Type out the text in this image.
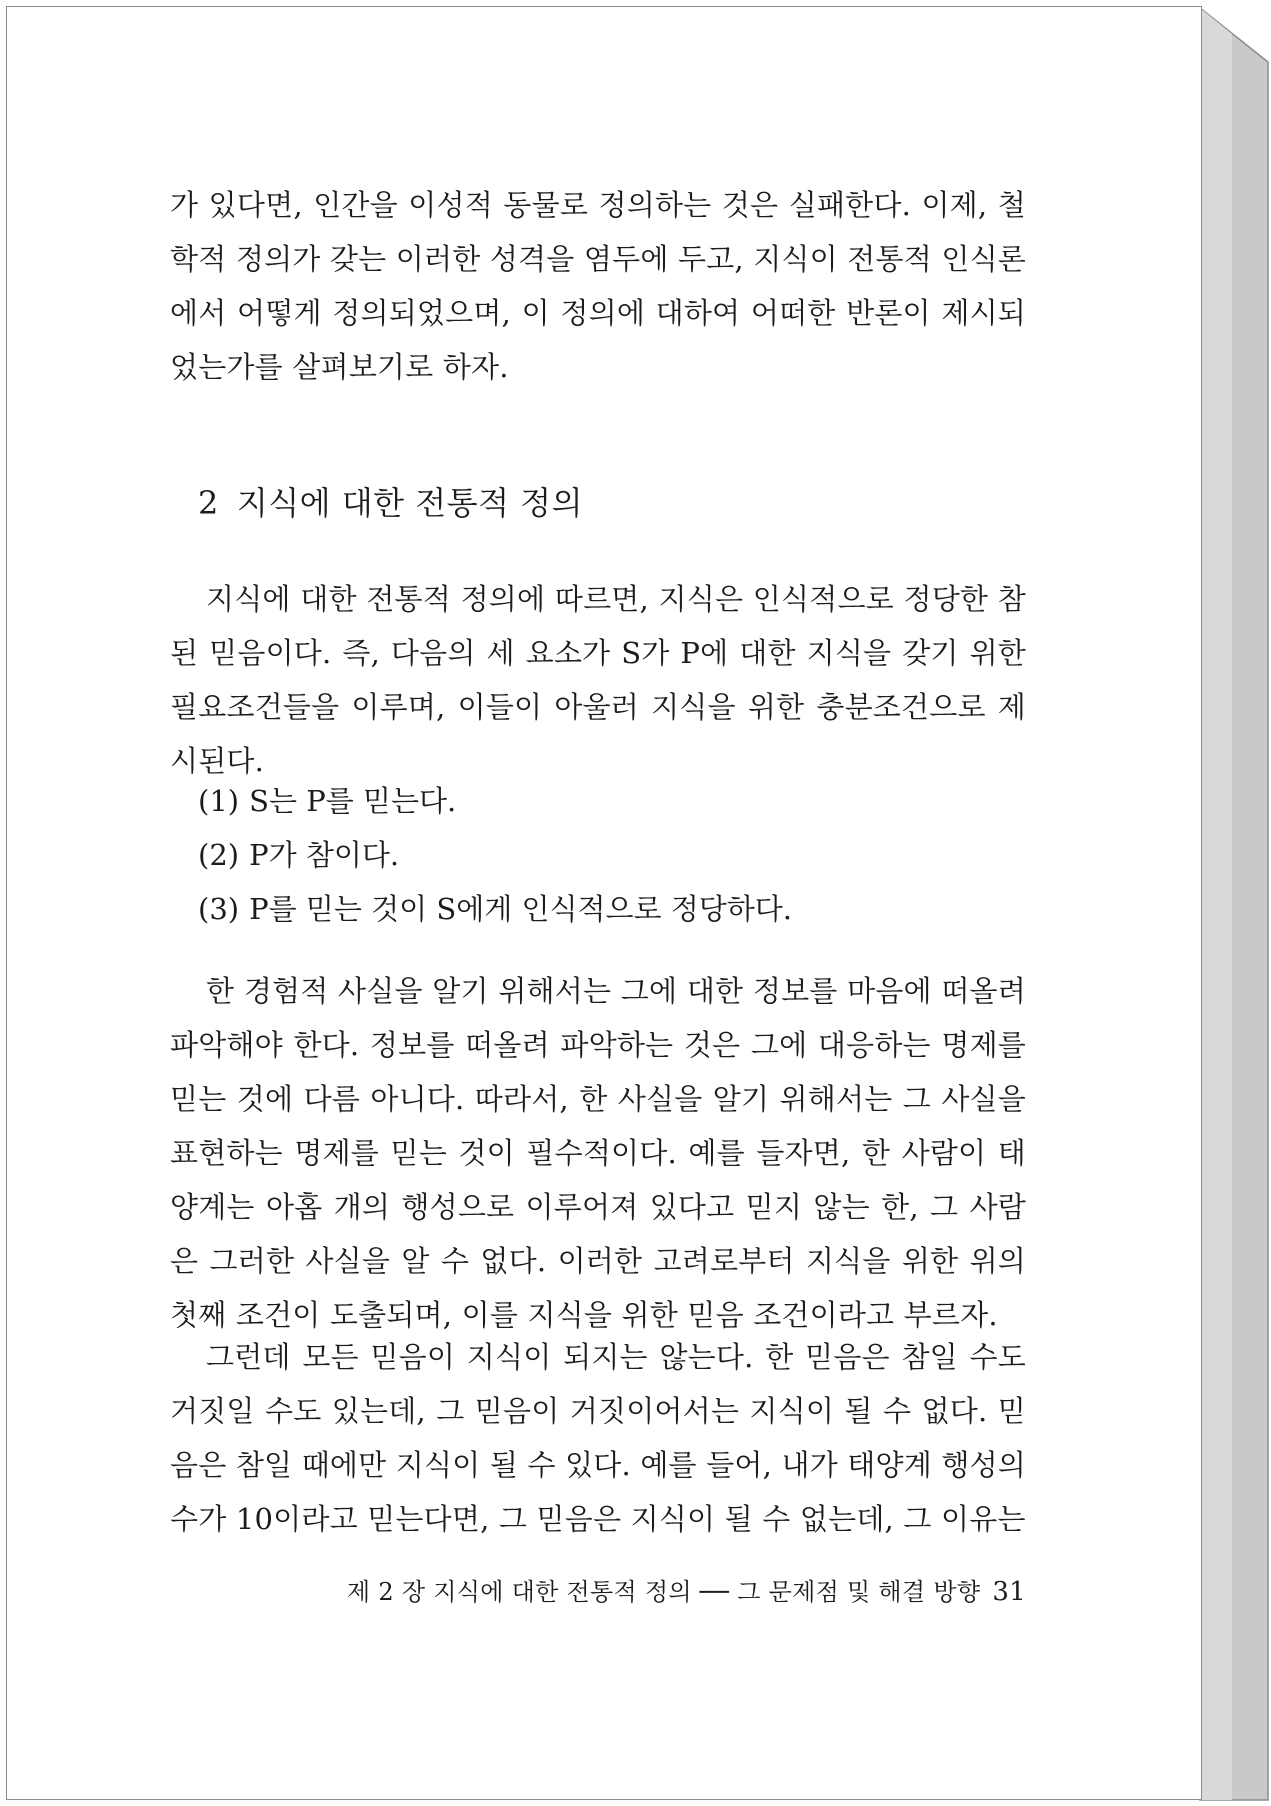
가 있다면, 인간을 이성적 동물로 정의하는 것은 실패한다. 이제, 철학적 정의가 갖는 이러한 성격을 염두에 두고, 지식이 전통적 인식론에서 어떻게 정의되었으며, 이 정의에 대하여 어떠한 반론이 제시되었는가를 살펴보기로 하자.

2 지식에 대한 전통적 정의

지식에 대한 전통적 정의에 따르면, 지식은 인식적으로 정당한 참된 믿음이다. 즉, 다음의 세 요소가 S가 P에 대한 지식을 갖기 위한 필요조건들을 이루며, 이들이 아울러 지식을 위한 충분조건으로 제시된다.

(1) S는 P를 믿는다.
(2) P가 참이다.
(3) P를 믿는 것이 S에게 인식적으로 정당하다.

한 경험적 사실을 알기 위해서는 그에 대한 정보를 마음에 떠올려 파악해야 한다. 정보를 떠올려 파악하는 것은 그에 대응하는 명제를 믿는 것에 다름 아니다. 따라서, 한 사실을 알기 위해서는 그 사실을 표현하는 명제를 믿는 것이 필수적이다. 예를 들자면, 한 사람이 태양계는 아홉 개의 행성으로 이루어져 있다고 믿지 않는 한, 그 사람은 그러한 사실을 알 수 없다. 이러한 고려로부터 지식을 위한 위의 첫째 조건이 도출되며, 이를 지식을 위한 믿음 조건이라고 부르자.

그런데 모든 믿음이 지식이 되지는 않는다. 한 믿음은 참일 수도 거짓일 수도 있는데, 그 믿음이 거짓이어서는 지식이 될 수 없다. 믿음은 참일 때에만 지식이 될 수 있다. 예를 들어, 내가 태양계 행성의 수가 10이라고 믿는다면, 그 믿음은 지식이 될 수 없는데, 그 이유는

제 2 장 지식에 대한 전통적 정의 ── 그 문제점 및 해결 방향 31
